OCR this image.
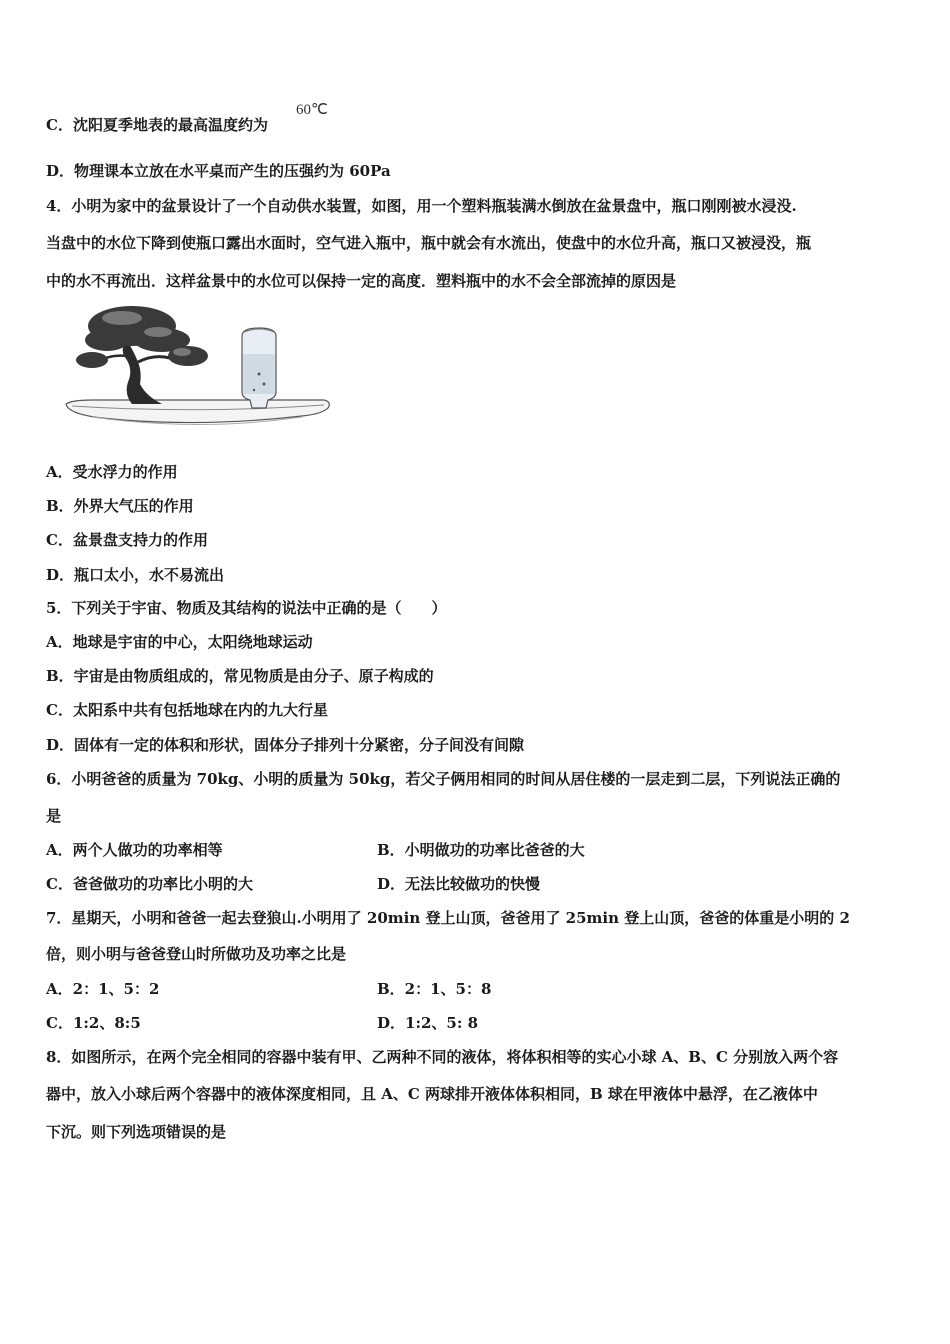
C．沈阳夏季地表的最高温度约为
60℃
D．物理课本立放在水平桌而产生的压强约为 60Pa
4．小明为家中的盆景设计了一个自动供水装置，如图，用一个塑料瓶装满水倒放在盆景盘中，瓶口刚刚被水浸没.
当盘中的水位下降到使瓶口露出水面时，空气进入瓶中，瓶中就会有水流出，使盘中的水位升高，瓶口又被浸没，瓶
中的水不再流出．这样盆景中的水位可以保持一定的高度．塑料瓶中的水不会全部流掉的原因是
A．受水浮力的作用
B．外界大气压的作用
C．盆景盘支持力的作用
D．瓶口太小，水不易流出
5．下列关于宇宙、物质及其结构的说法中正确的是（　　）
A．地球是宇宙的中心，太阳绕地球运动
B．宇宙是由物质组成的，常见物质是由分子、原子构成的
C．太阳系中共有包括地球在内的九大行星
D．固体有一定的体积和形状，固体分子排列十分紧密，分子间没有间隙
6．小明爸爸的质量为 70kg、小明的质量为 50kg，若父子俩用相同的时间从居住楼的一层走到二层，下列说法正确的
是
A．两个人做功的功率相等	B．小明做功的功率比爸爸的大
C．爸爸做功的功率比小明的大	D．无法比较做功的快慢
7．星期天，小明和爸爸一起去登狼山.小明用了 20min 登上山顶，爸爸用了 25min 登上山顶，爸爸的体重是小明的 2
倍，则小明与爸爸登山时所做功及功率之比是
A．2：1、5：2	B．2：1、5：8
C．1:2、8:5	D．1:2、5: 8
8．如图所示，在两个完全相同的容器中装有甲、乙两种不同的液体，将体积相等的实心小球 A、B、C 分别放入两个容
器中，放入小球后两个容器中的液体深度相同，且 A、C 两球排开液体体积相同，B 球在甲液体中悬浮，在乙液体中
下沉。则下列选项错误的是
